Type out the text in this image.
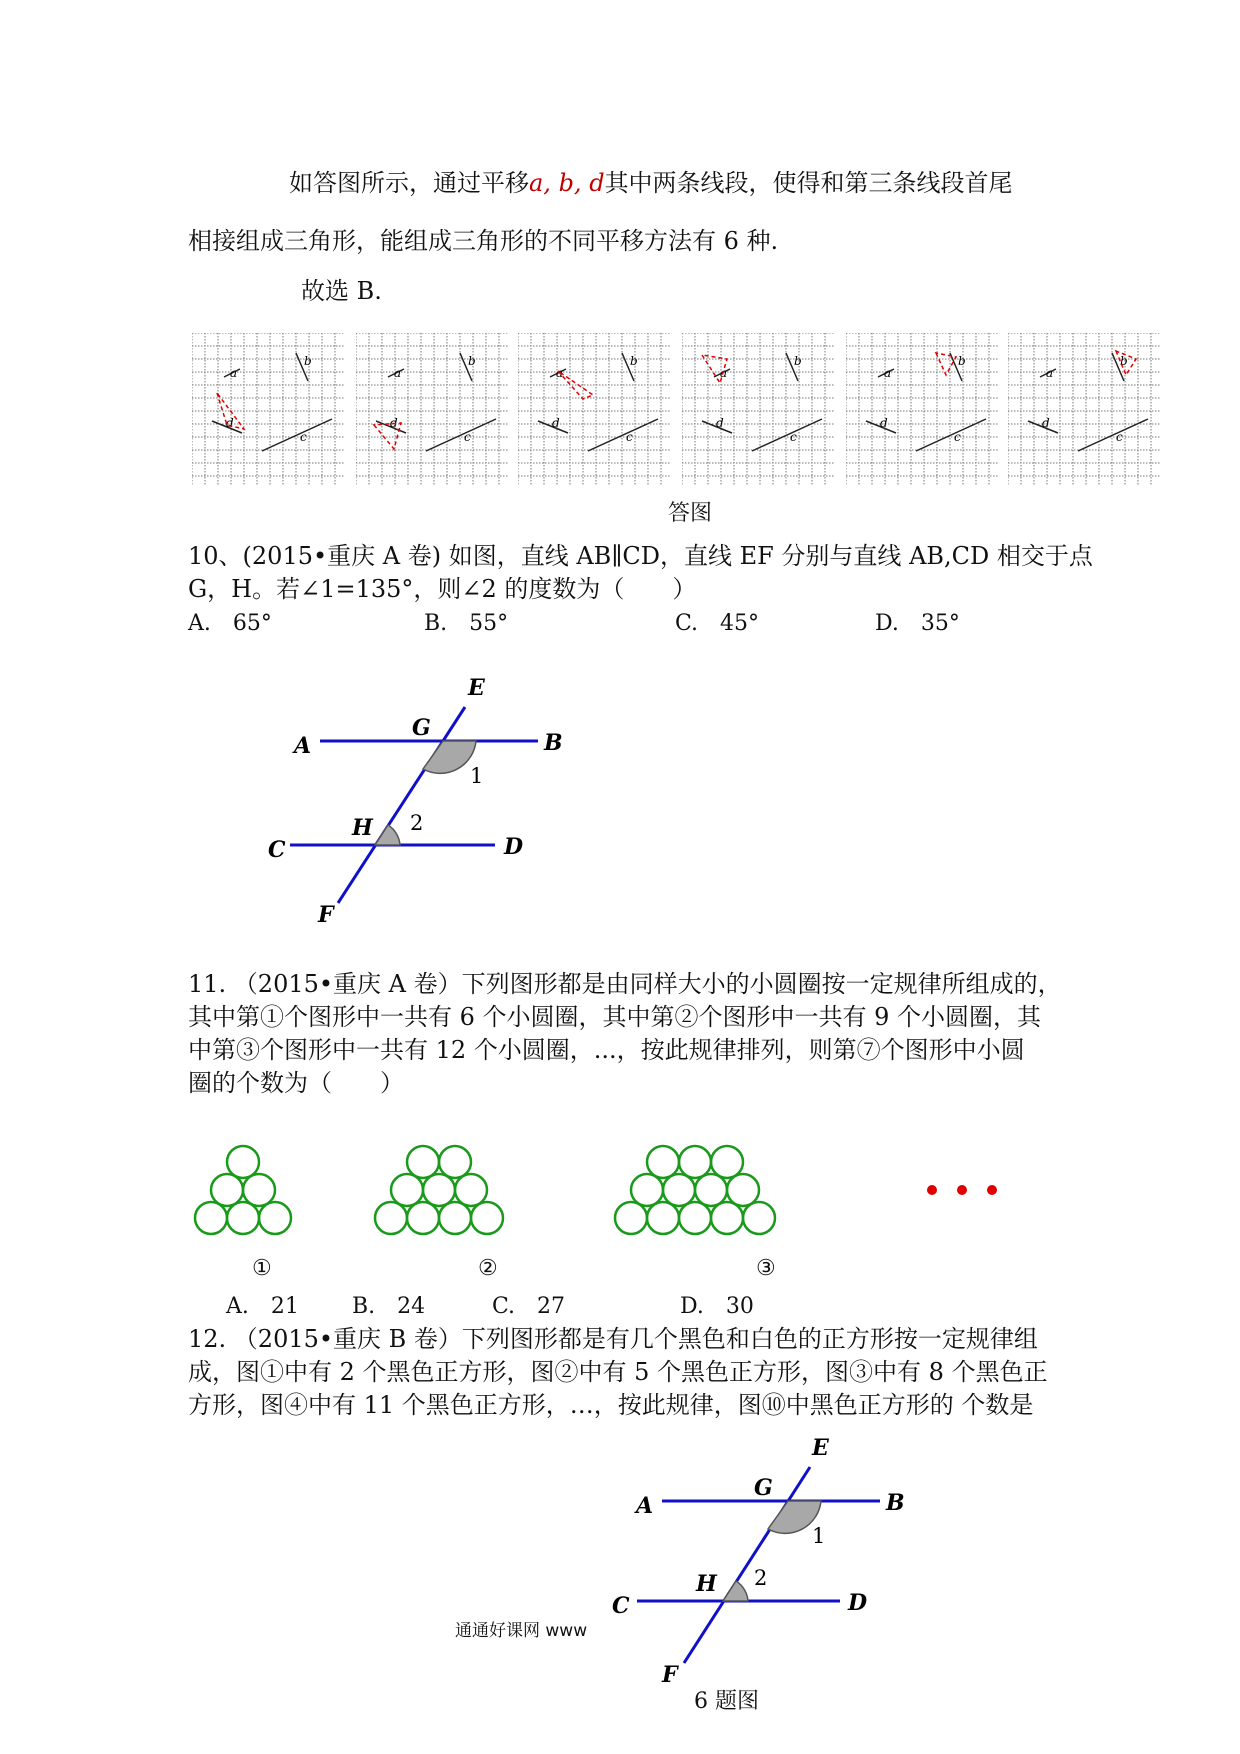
如答图所示，通过平移a, b, d其中两条线段，使得和第三条线段首尾
相接组成三角形，能组成三角形的不同平移方法有 6 种.
故选 B.
a
b
c
d
a
b
c
d
a
b
c
d
a
b
c
d
a
b
c
d
a
b
c
d
答图
10、(2015•重庆 A 卷) 如图，直线 AB∥CD，直线 EF 分别与直线 AB,CD 相交于点
G，H。若∠1=135°，则∠2 的度数为（　　）
A.　65°	B.　55°	C.　45°	D.　35°
E
G
A	B
1
H 2
C	D
F
11. （2015•重庆 A 卷）下列图形都是由同样大小的小圆圈按一定规律所组成的，
其中第①个图形中一共有 6 个小圆圈，其中第②个图形中一共有 9 个小圆圈，其
中第③个图形中一共有 12 个小圆圈，...，按此规律排列，则第⑦个图形中小圆
圈的个数为（　　）
①	②	③
A.　21 B.　24	C.　27	D.　30
12. （2015•重庆 B 卷）下列图形都是有几个黑色和白色的正方形按一定规律组
成，图①中有 2 个黑色正方形，图②中有 5 个黑色正方形，图③中有 8 个黑色正
方形，图④中有 11 个黑色正方形，…，按此规律，图⑩中黑色正方形的 个数是
E
G
A	B
1
H 2
C	D
F
通通好课网 www
6 题图
